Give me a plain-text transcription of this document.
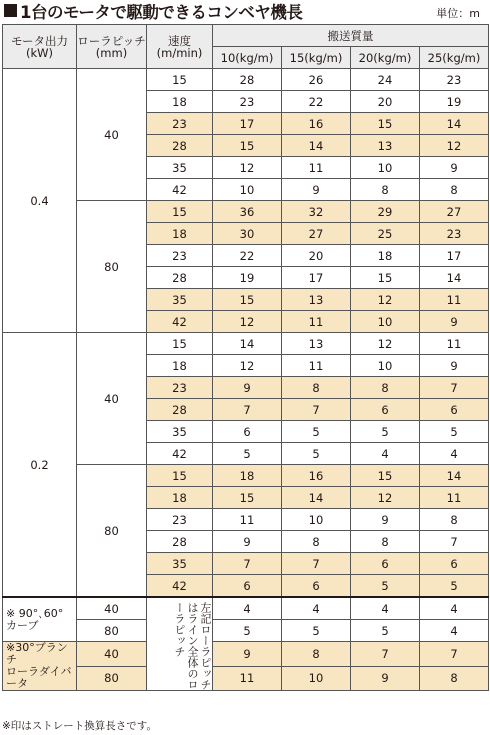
1台のモータで駆動できるコンベヤ機長	単位：m
モータ出力
(kW)	ローラピッチ
(mm)	速度
(m/min)	搬送質量			
			10(kg/m)	15(kg/m)	20(kg/m)	25(kg/m)
0.4	40	15	28	26	24	23
		18	23	22	20	19
		23	17	16	15	14
		28	15	14	13	12
		35	12	11	10	9
		42	10	9	8	8
	80	15	36	32	29	27
		18	30	27	25	23
		23	22	20	18	17
		28	19	17	15	14
		35	15	13	12	11
		42	12	11	10	9
0.2	40	15	14	13	12	11
		18	12	11	10	9
		23	9	8	8	7
		28	7	7	6	6
		35	6	5	5	5
		42	5	5	4	4
	80	15	18	16	15	14
		18	15	14	12	11
		23	11	10	9	8
		28	9	8	8	7
		35	7	7	6	6
		42	6	6	5	5
※ 90°､60°
カーブ	40	左記ローラピッチはライン全体のローラピッチ	4	4	4	4
	80		5	5	5	4
※30°ブランチ
ローラダイバータ	40		9	8	7	7
	80		11	10	9	8
※印はストレート換算長さです。
